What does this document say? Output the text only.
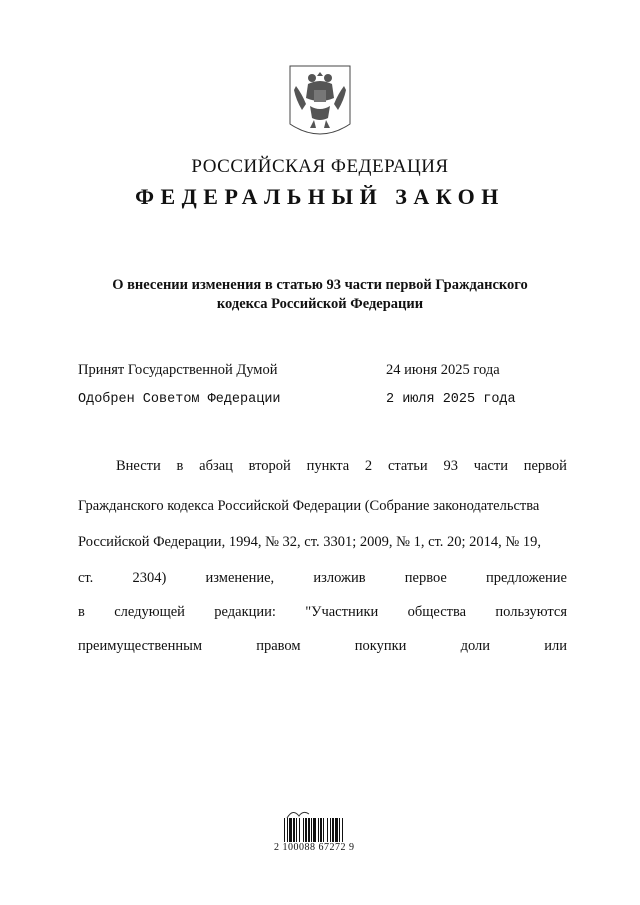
РОССИЙСКАЯ ФЕДЕРАЦИЯ
ФЕДЕРАЛЬНЫЙ ЗАКОН
О внесении изменения в статью 93 части первой Гражданского
кодекса Российской Федерации
Принят Государственной Думой	24 июня 2025 года
Одобрен Советом Федерации	2 июля 2025 года
Внести в абзац второй пункта 2 статьи 93 части первой
Гражданского кодекса Российской Федерации (Собрание законодательства
Российской Федерации, 1994, № 32, ст. 3301; 2009, № 1, ст. 20; 2014, № 19,
ст.	2304)	изменение,	изложив	первое	предложение
в следующей редакции: "Участники общества пользуются
преимущественным	правом	покупки	доли	или
2 100088 67272 9
